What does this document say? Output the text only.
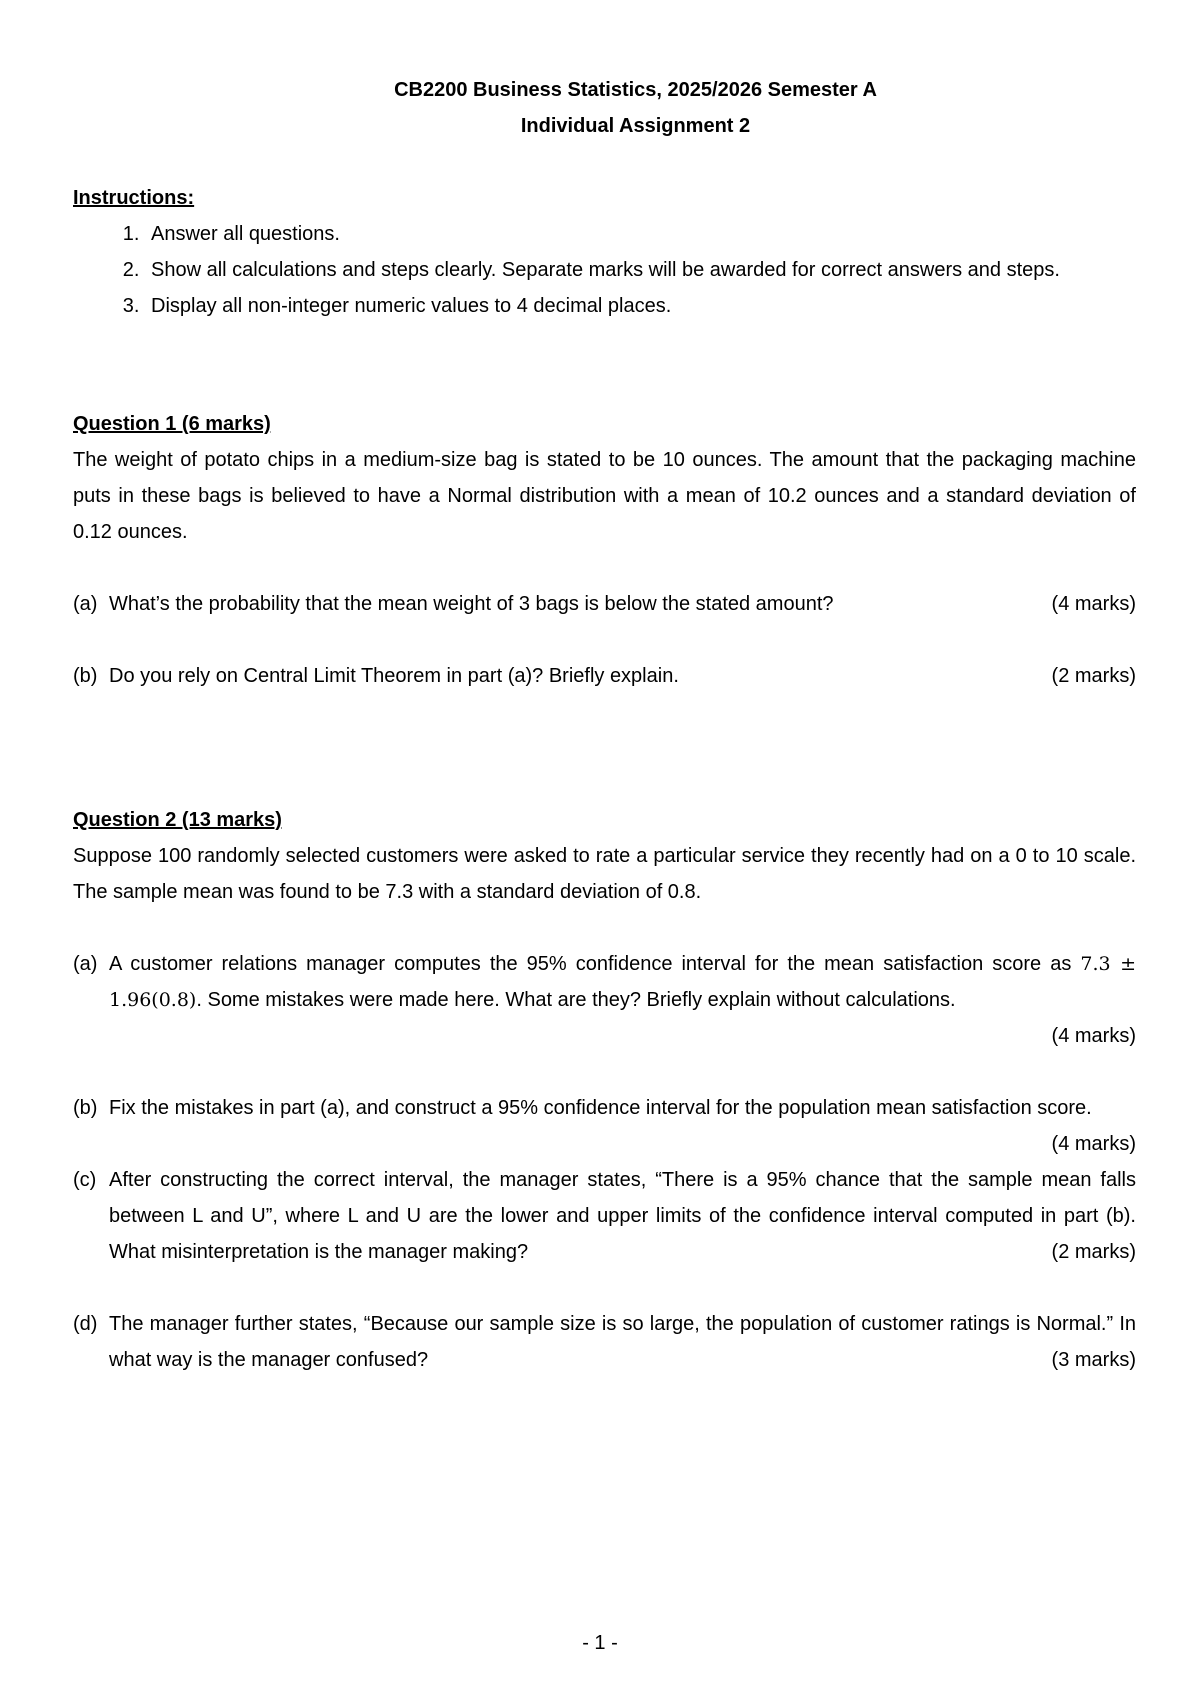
CB2200 Business Statistics, 2025/2026 Semester A
Individual Assignment 2
Instructions:
1. Answer all questions.
2. Show all calculations and steps clearly. Separate marks will be awarded for correct answers and steps.
3. Display all non-integer numeric values to 4 decimal places.
Question 1 (6 marks)
The weight of potato chips in a medium-size bag is stated to be 10 ounces. The amount that the packaging machine puts in these bags is believed to have a Normal distribution with a mean of 10.2 ounces and a standard deviation of 0.12 ounces.
(a)	(4 marks)
What’s the probability that the mean weight of 3 bags is below the stated amount?
(b)	(2 marks)
Do you rely on Central Limit Theorem in part (a)? Briefly explain.
Question 2 (13 marks)
Suppose 100 randomly selected customers were asked to rate a particular service they recently had on a 0 to 10 scale. The sample mean was found to be 7.3 with a standard deviation of 0.8.
(a) A customer relations manager computes the 95% confidence interval for the mean satisfaction score as 7.3 ± 1.96(0.8). Some mistakes were made here. What are they? Briefly explain without calculations.
(4 marks)
(b) Fix the mistakes in part (a), and construct a 95% confidence interval for the population mean satisfaction score.
(4 marks)
(c) After constructing the correct interval, the manager states, “There is a 95% chance that the sample mean falls between L and U”, where L and U are the lower and upper limits of the confidence interval computed in part (b). What misinterpretation is the manager making?	(2 marks)
(d) The manager further states, “Because our sample size is so large, the population of customer ratings is Normal.” In what way is the manager confused?	(3 marks)
- 1 -
